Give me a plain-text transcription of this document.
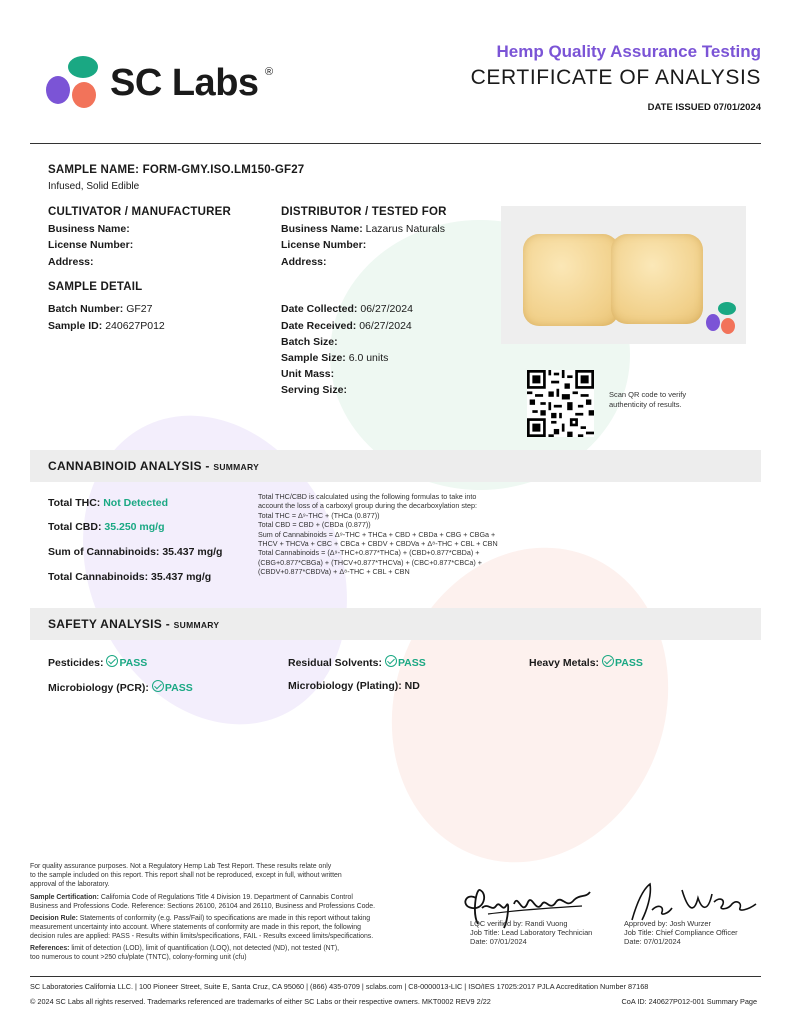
SC Labs ®
Hemp Quality Assurance Testing
CERTIFICATE OF ANALYSIS
DATE ISSUED 07/01/2024
SAMPLE NAME: FORM-GMY.ISO.LM150-GF27
Infused, Solid Edible
CULTIVATOR / MANUFACTURER
Business Name:
License Number:
Address:
DISTRIBUTOR / TESTED FOR
Business Name: Lazarus Naturals
License Number:
Address:
SAMPLE DETAIL
Batch Number: GF27
Sample ID: 240627P012
Date Collected: 06/27/2024
Date Received: 06/27/2024
Batch Size:
Sample Size: 6.0 units
Unit Mass:
Serving Size:	Scan QR code to verify
authenticity of results.
CANNABINOID ANALYSIS - SUMMARY
Total THC: Not Detected
Total CBD: 35.250 mg/g
Sum of Cannabinoids: 35.437 mg/g
Total Cannabinoids: 35.437 mg/g
Total THC/CBD is calculated using the following formulas to take into
account the loss of a carboxyl group during the decarboxylation step:
Total THC = Δ⁹-THC + (THCa (0.877))
Total CBD = CBD + (CBDa (0.877))
Sum of Cannabinoids = Δ⁹-THC + THCa + CBD + CBDa + CBG + CBGa +
THCV + THCVa + CBC + CBCa + CBDV + CBDVa + Δ⁸-THC + CBL + CBN
Total Cannabinoids = (Δ⁹-THC+0.877*THCa) + (CBD+0.877*CBDa) +
(CBG+0.877*CBGa) + (THCV+0.877*THCVa) + (CBC+0.877*CBCa) +
(CBDV+0.877*CBDVa) + Δ⁸-THC + CBL + CBN
SAFETY ANALYSIS - SUMMARY
Pesticides: PASS	Residual Solvents: PASS	Heavy Metals: PASS
Microbiology (PCR): PASS	Microbiology (Plating): ND
For quality assurance purposes. Not a Regulatory Hemp Lab Test Report. These results relate only
to the sample included on this report. This report shall not be reproduced, except in full, without written
approval of the laboratory.
Sample Certification: California Code of Regulations Title 4 Division 19. Department of Cannabis Control
Business and Professions Code. Reference: Sections 26100, 26104 and 26110, Business and Professions Code.
Decision Rule: Statements of conformity (e.g. Pass/Fail) to specifications are made in this report without taking
measurement uncertainty into account. Where statements of conformity are made in this report, the following
decision rules are applied: PASS - Results within limits/specifications, FAIL - Results exceed limits/specifications.
References: limit of detection (LOD), limit of quantification (LOQ), not detected (ND), not tested (NT),
too numerous to count >250 cfu/plate (TNTC), colony-forming unit (cfu)
LQC verified by: Randi Vuong
Job Title: Lead Laboratory Technician
Date: 07/01/2024
Approved by: Josh Wurzer
Job Title: Chief Compliance Officer
Date: 07/01/2024
SC Laboratories California LLC. | 100 Pioneer Street, Suite E, Santa Cruz, CA 95060 | (866) 435-0709 | sclabs.com | C8-0000013-LIC | ISO/IES 17025:2017 PJLA Accreditation Number 87168
© 2024 SC Labs all rights reserved. Trademarks referenced are trademarks of either SC Labs or their respective owners. MKT0002 REV9 2/22	CoA ID: 240627P012-001 Summary Page
